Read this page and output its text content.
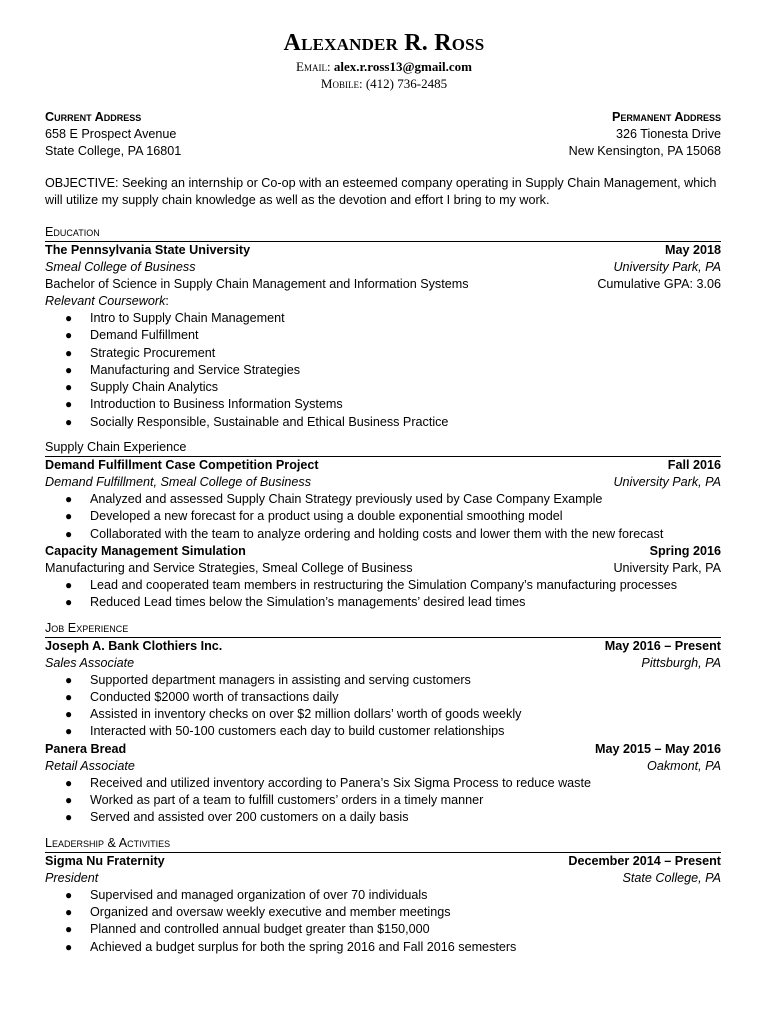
Alexander R. Ross
Email: alex.r.ross13@gmail.com
Mobile: (412) 736-2485
Current Address
658 E Prospect Avenue
State College, PA 16801
Permanent Address
326 Tionesta Drive
New Kensington, PA 15068
OBJECTIVE: Seeking an internship or Co-op with an esteemed company operating in Supply Chain Management, which will utilize my supply chain knowledge as well as the devotion and effort I bring to my work.
Education
The Pennsylvania State University	May 2018
Smeal College of Business	University Park, PA
Bachelor of Science in Supply Chain Management and Information Systems	Cumulative GPA: 3.06
Relevant Coursework:
● Intro to Supply Chain Management
● Demand Fulfillment
● Strategic Procurement
● Manufacturing and Service Strategies
● Supply Chain Analytics
● Introduction to Business Information Systems
● Socially Responsible, Sustainable and Ethical Business Practice
Supply Chain Experience
Demand Fulfillment Case Competition Project	Fall 2016
Demand Fulfillment, Smeal College of Business	University Park, PA
● Analyzed and assessed Supply Chain Strategy previously used by Case Company Example
● Developed a new forecast for a product using a double exponential smoothing model
● Collaborated with the team to analyze ordering and holding costs and lower them with the new forecast
Capacity Management Simulation	Spring 2016
Manufacturing and Service Strategies, Smeal College of Business	University Park, PA
● Lead and cooperated team members in restructuring the Simulation Company’s manufacturing processes
● Reduced Lead times below the Simulation’s managements’ desired lead times
Job Experience
Joseph A. Bank Clothiers Inc.	May 2016 – Present
Sales Associate	Pittsburgh, PA
● Supported department managers in assisting and serving customers
● Conducted $2000 worth of transactions daily
● Assisted in inventory checks on over $2 million dollars’ worth of goods weekly
● Interacted with 50-100 customers each day to build customer relationships
Panera Bread	May 2015 – May 2016
Retail Associate	Oakmont, PA
● Received and utilized inventory according to Panera’s Six Sigma Process to reduce waste
● Worked as part of a team to fulfill customers’ orders in a timely manner
● Served and assisted over 200 customers on a daily basis
Leadership & Activities
Sigma Nu Fraternity	December 2014 – Present
President	State College, PA
● Supervised and managed organization of over 70 individuals
● Organized and oversaw weekly executive and member meetings
● Planned and controlled annual budget greater than $150,000
● Achieved a budget surplus for both the spring 2016 and Fall 2016 semesters
